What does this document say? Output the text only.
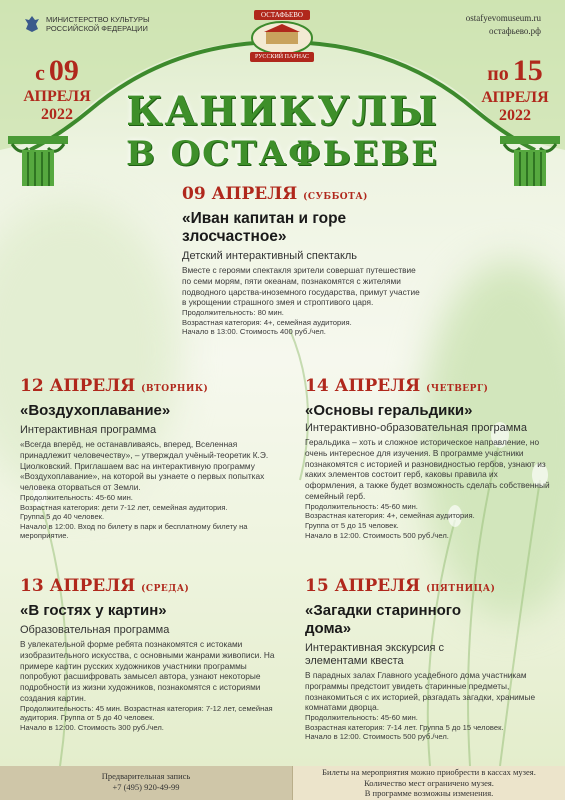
МИНИСТЕРСТВО КУЛЬТУРЫ
РОССИЙСКОЙ ФЕДЕРАЦИИ
ostafyevomuseum.ru
остафьево.рф
ОСТАФЬЕВО
РУССКИЙ ПАРНАС
с 09
АПРЕЛЯ
2022
по 15
АПРЕЛЯ
2022
КАНИКУЛЫ
В ОСТАФЬЕВЕ
09 АПРЕЛЯ (СУББОТА)
«Иван капитан и горе злосчастное»
Детский интерактивный спектакль
Вместе с героями спектакля зрители совершат путешествие по семи морям, пяти океанам, познакомятся с жителями подводного царства-иноземного государства, примут участие в укрощении страшного змея и строптивого царя.
Продолжительность: 80 мин.
Возрастная категория: 4+, семейная аудитория.
Начало в 13:00. Стоимость 400 руб./чел.
12 АПРЕЛЯ (ВТОРНИК)
«Воздухоплавание»
Интерактивная программа
«Всегда вперёд, не останавливаясь, вперед, Вселенная принадлежит человечеству», – утверждал учёный-теоретик К.Э. Циолковский. Приглашаем вас на интерактивную программу «Воздухоплавание», на которой вы узнаете о первых попытках человека оторваться от Земли.
Продолжительность: 45-60 мин.
Возрастная категория: дети 7-12 лет, семейная аудитория.
Группа 5 до 40 человек.
Начало в 12:00. Вход по билету в парк и бесплатному билету на мероприятие.
14 АПРЕЛЯ (ЧЕТВЕРГ)
«Основы геральдики»
Интерактивно-образовательная программа
Геральдика – хоть и сложное историческое направление, но очень интересное для изучения. В программе участники познакомятся с историей и разновидностью гербов, узнают из каких элементов состоит герб, каковы правила их оформления, а также будет возможность сделать собственный семейный герб.
Продолжительность: 45-60 мин.
Возрастная категория: 4+, семейная аудитория.
Группа от 5 до 15 человек.
Начало в 12:00. Стоимость 500 руб./чел.
13 АПРЕЛЯ (СРЕДА)
«В гостях у картин»
Образовательная программа
В увлекательной форме ребята познакомятся с истоками изобразительного искусства, с основными жанрами живописи. На примере картин русских художников участники программы попробуют расшифровать замысел автора, узнают некоторые подробности из жизни художников, познакомятся с историями создания картин.
Продолжительность: 45 мин. Возрастная категория: 7-12 лет, семейная аудитория. Группа от 5 до 40 человек.
Начало в 12:00. Стоимость 300 руб./чел.
15 АПРЕЛЯ (ПЯТНИЦА)
«Загадки старинного дома»
Интерактивная экскурсия с элементами квеста
В парадных залах Главного усадебного дома участникам программы предстоит увидеть старинные предметы, познакомиться с их историей, разгадать загадки, хранимые комнатами дворца.
Продолжительность: 45-60 мин.
Возрастная категория: 7-14 лет. Группа 5 до 15 человек.
Начало в 12:00. Стоимость 500 руб./чел.
Предварительная запись
+7 (495) 920-49-99
Билеты на мероприятия можно приобрести в кассах музея.
Количество мест ограничено музея.
В программе возможны изменения.
